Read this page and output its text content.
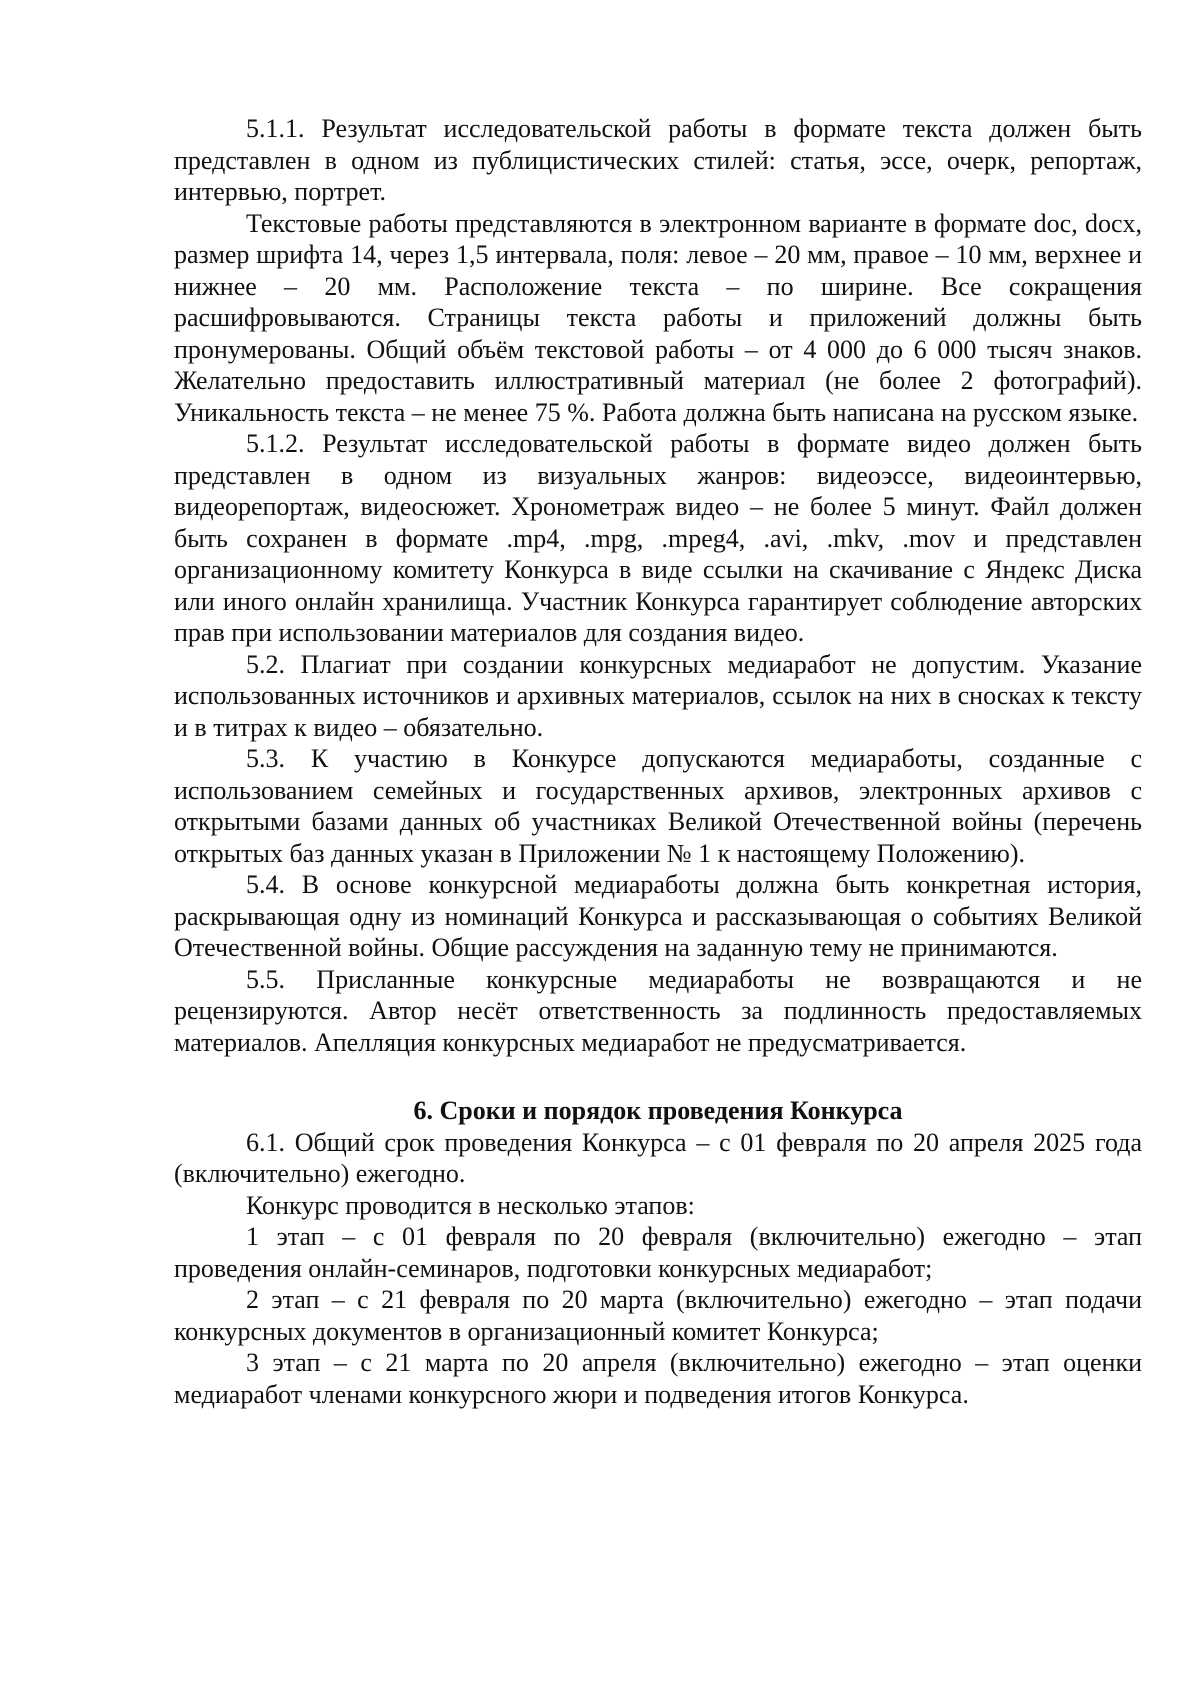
5.1.1. Результат исследовательской работы в формате текста должен быть представлен в одном из публицистических стилей: статья, эссе, очерк, репортаж, интервью, портрет.

Текстовые работы представляются в электронном варианте в формате doc, docx, размер шрифта 14, через 1,5 интервала, поля: левое – 20 мм, правое – 10 мм, верхнее и нижнее – 20 мм. Расположение текста – по ширине. Все сокращения расшифровываются. Страницы текста работы и приложений должны быть пронумерованы. Общий объём текстовой работы – от 4 000 до 6 000 тысяч знаков. Желательно предоставить иллюстративный материал (не более 2 фотографий). Уникальность текста – не менее 75 %. Работа должна быть написана на русском языке.

5.1.2. Результат исследовательской работы в формате видео должен быть представлен в одном из визуальных жанров: видеоэссе, видеоинтервью, видеорепортаж, видеосюжет. Хронометраж видео – не более 5 минут. Файл должен быть сохранен в формате .mp4, .mpg, .mpeg4, .avi, .mkv, .mov и представлен организационному комитету Конкурса в виде ссылки на скачивание с Яндекс Диска или иного онлайн хранилища. Участник Конкурса гарантирует соблюдение авторских прав при использовании материалов для создания видео.

5.2. Плагиат при создании конкурсных медиаработ не допустим. Указание использованных источников и архивных материалов, ссылок на них в сносках к тексту и в титрах к видео – обязательно.

5.3. К участию в Конкурсе допускаются медиаработы, созданные с использованием семейных и государственных архивов, электронных архивов с открытыми базами данных об участниках Великой Отечественной войны (перечень открытых баз данных указан в Приложении № 1 к настоящему Положению).

5.4. В основе конкурсной медиаработы должна быть конкретная история, раскрывающая одну из номинаций Конкурса и рассказывающая о событиях Великой Отечественной войны. Общие рассуждения на заданную тему не принимаются.

5.5. Присланные конкурсные медиаработы не возвращаются и не рецензируются. Автор несёт ответственность за подлинность предоставляемых материалов. Апелляция конкурсных медиаработ не предусматривается.

6. Сроки и порядок проведения Конкурса

6.1. Общий срок проведения Конкурса – с 01 февраля по 20 апреля 2025 года (включительно) ежегодно.

Конкурс проводится в несколько этапов:

1 этап – с 01 февраля по 20 февраля (включительно) ежегодно – этап проведения онлайн-семинаров, подготовки конкурсных медиаработ;

2 этап – с 21 февраля по 20 марта (включительно) ежегодно – этап подачи конкурсных документов в организационный комитет Конкурса;

3 этап – с 21 марта по 20 апреля (включительно) ежегодно – этап оценки медиаработ членами конкурсного жюри и подведения итогов Конкурса.
